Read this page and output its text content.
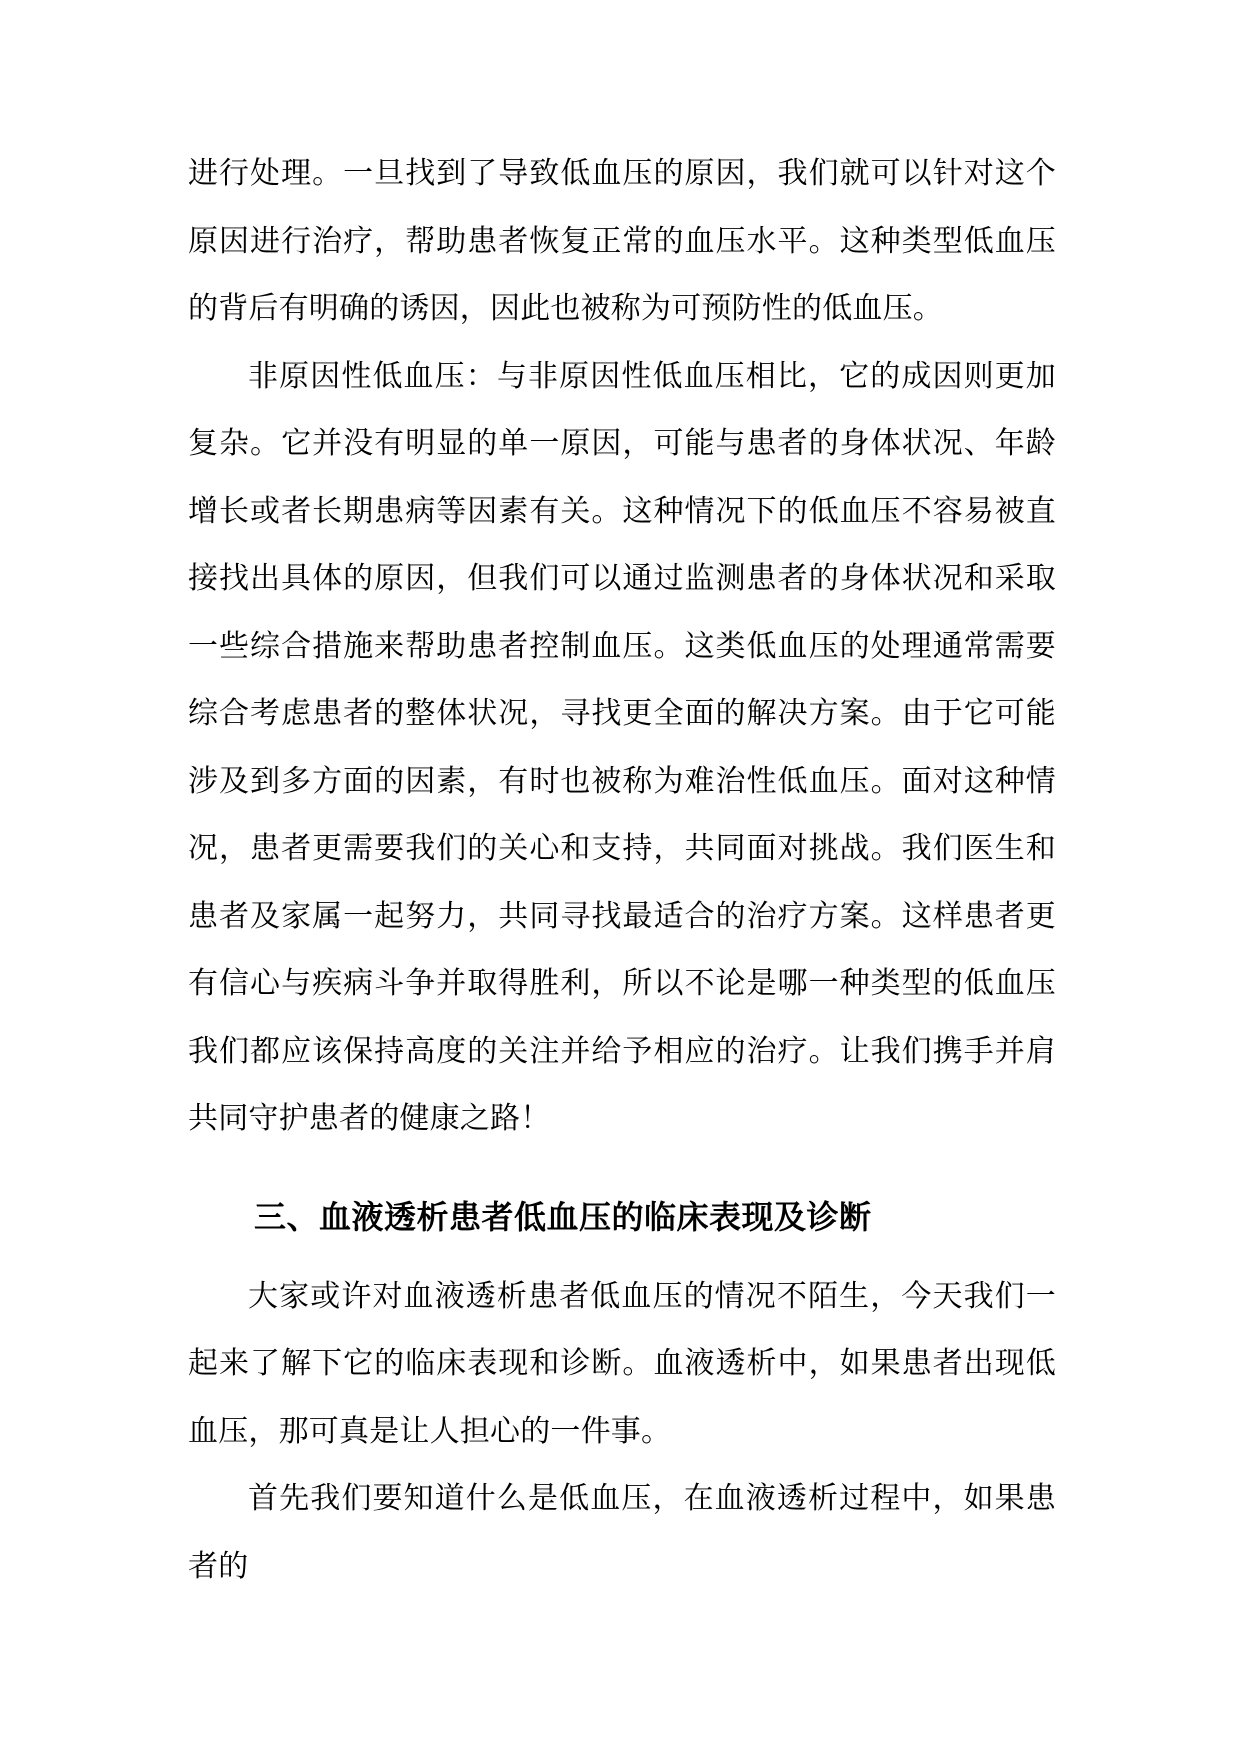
进行处理。一旦找到了导致低血压的原因，我们就可以针对这个原因进行治疗，帮助患者恢复正常的血压水平。这种类型低血压的背后有明确的诱因，因此也被称为可预防性的低血压。

非原因性低血压：与非原因性低血压相比，它的成因则更加复杂。它并没有明显的单一原因，可能与患者的身体状况、年龄增长或者长期患病等因素有关。这种情况下的低血压不容易被直接找出具体的原因，但我们可以通过监测患者的身体状况和采取一些综合措施来帮助患者控制血压。这类低血压的处理通常需要综合考虑患者的整体状况，寻找更全面的解决方案。由于它可能涉及到多方面的因素，有时也被称为难治性低血压。面对这种情况，患者更需要我们的关心和支持，共同面对挑战。我们医生和患者及家属一起努力，共同寻找最适合的治疗方案。这样患者更有信心与疾病斗争并取得胜利，所以不论是哪一种类型的低血压我们都应该保持高度的关注并给予相应的治疗。让我们携手并肩共同守护患者的健康之路！

三、血液透析患者低血压的临床表现及诊断

大家或许对血液透析患者低血压的情况不陌生，今天我们一起来了解下它的临床表现和诊断。血液透析中，如果患者出现低血压，那可真是让人担心的一件事。

首先我们要知道什么是低血压，在血液透析过程中，如果患者的
